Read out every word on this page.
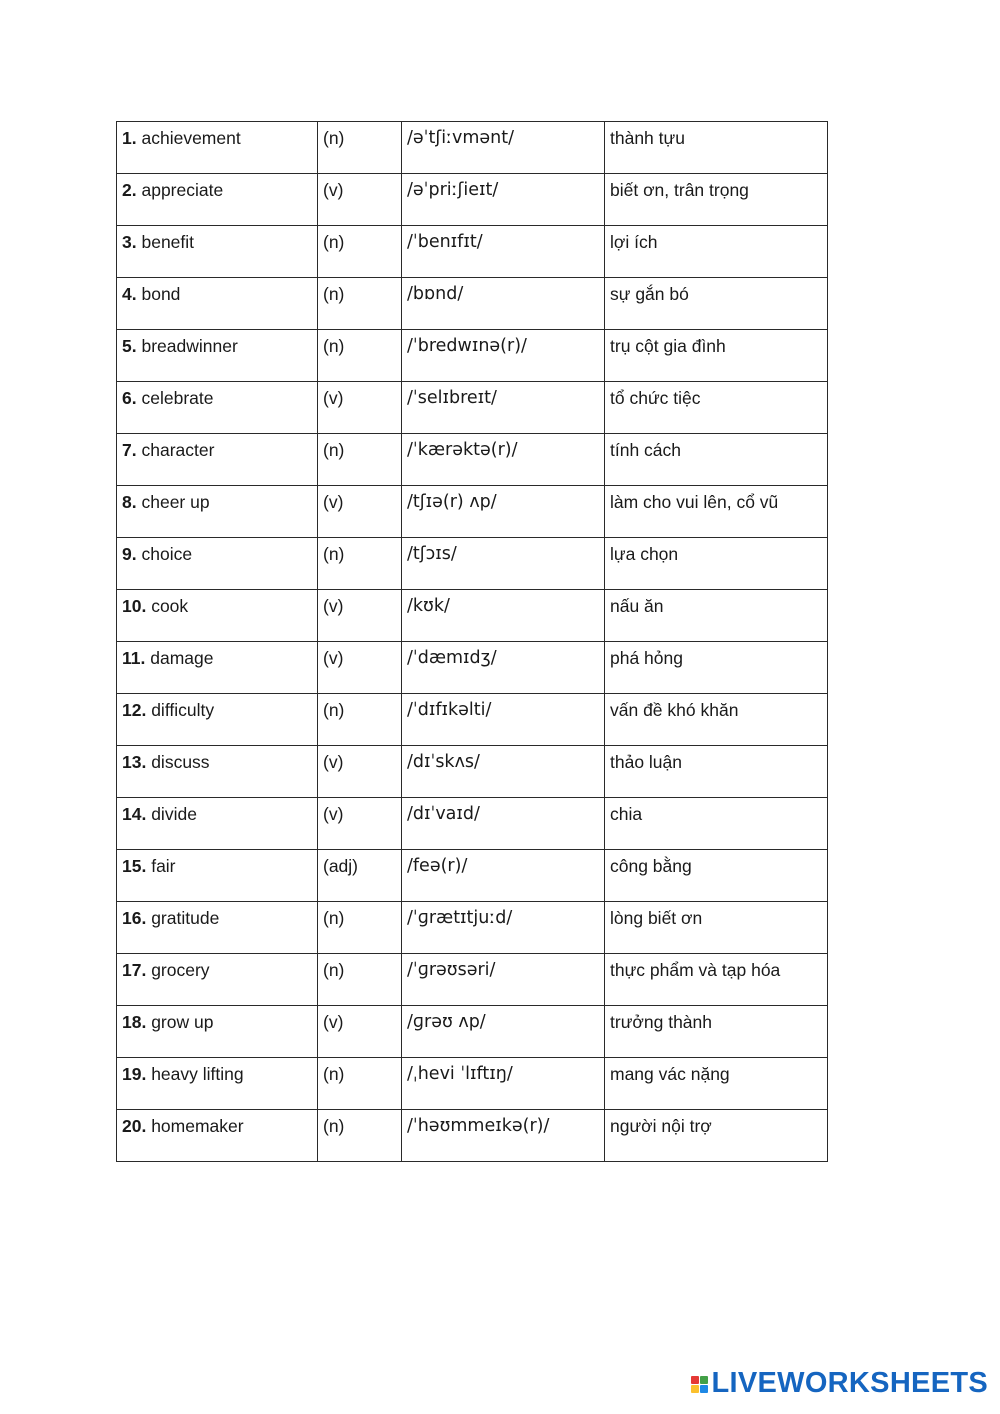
1. achievement	(n)	/əˈtʃiːvmənt/	thành tựu
2. appreciate	(v)	/əˈpriːʃieɪt/	biết ơn, trân trọng
3. benefit	(n)	/ˈbenɪfɪt/	lợi ích
4. bond	(n)	/bɒnd/	sự gắn bó
5. breadwinner	(n)	/ˈbredwɪnə(r)/	trụ cột gia đình
6. celebrate	(v)	/ˈselɪbreɪt/	tổ chức tiệc
7. character	(n)	/ˈkærəktə(r)/	tính cách
8. cheer up	(v)	/tʃɪə(r) ʌp/	làm cho vui lên, cổ vũ
9. choice	(n)	/tʃɔɪs/	lựa chọn
10. cook	(v)	/kʊk/	nấu ăn
11. damage	(v)	/ˈdæmɪdʒ/	phá hỏng
12. difficulty	(n)	/ˈdɪfɪkəlti/	vấn đề khó khăn
13. discuss	(v)	/dɪˈskʌs/	thảo luận
14. divide	(v)	/dɪˈvaɪd/	chia
15. fair	(adj)	/feə(r)/	công bằng
16. gratitude	(n)	/ˈɡrætɪtjuːd/	lòng biết ơn
17. grocery	(n)	/ˈɡrəʊsəri/	thực phẩm và tạp hóa
18. grow up	(v)	/ɡrəʊ ʌp/	trưởng thành
19. heavy lifting	(n)	/ˌhevi ˈlɪftɪŋ/	mang vác nặng
20. homemaker	(n)	/ˈhəʊmmeɪkə(r)/	người nội trợ
LIVEWORKSHEETS
